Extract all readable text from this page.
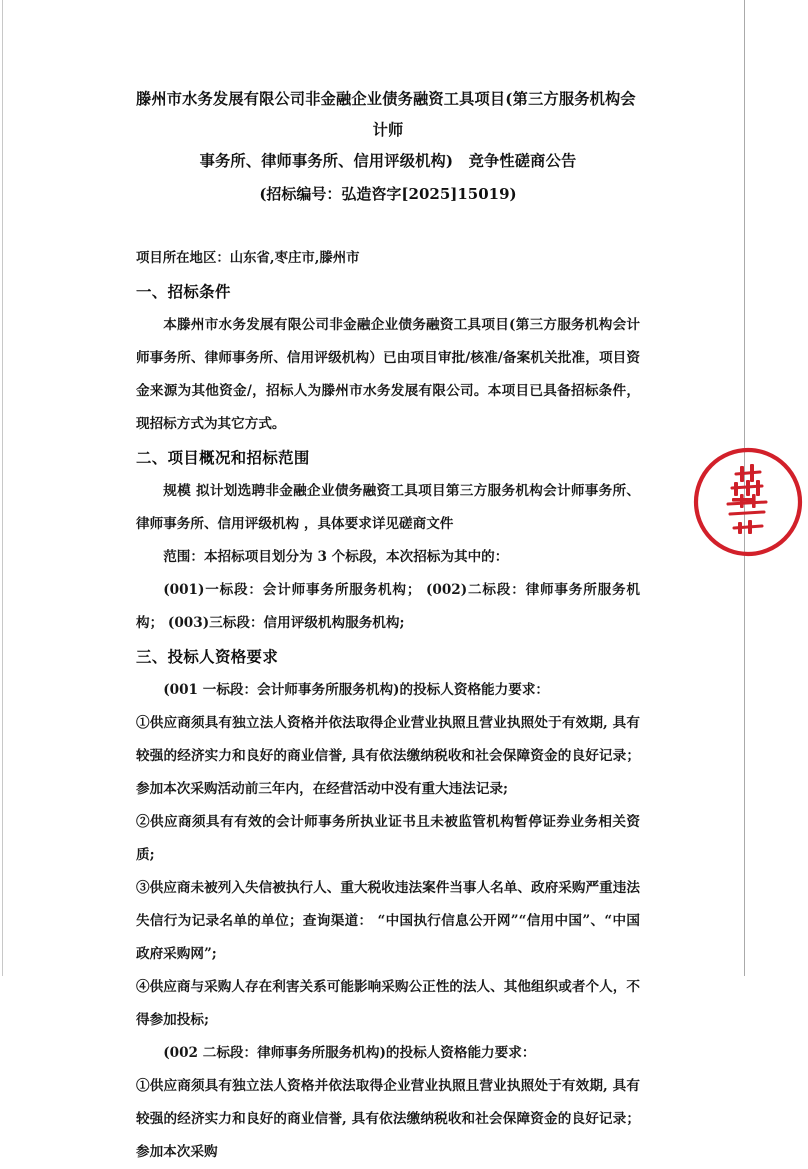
滕州市水务发展有限公司非金融企业债务融资工具项目(第三方服务机构会计师
事务所、律师事务所、信用评级机构)　竞争性磋商公告
(招标编号：弘造咨字[2025]15019)

项目所在地区：山东省,枣庄市,滕州市

一、招标条件

本滕州市水务发展有限公司非金融企业债务融资工具项目(第三方服务机构会计师事务所、律师事务所、信用评级机构）已由项目审批/核准/备案机关批准，项目资金来源为其他资金/，招标人为滕州市水务发展有限公司。本项目已具备招标条件，现招标方式为其它方式。

二、项目概况和招标范围

规模 拟计划选聘非金融企业债务融资工具项目第三方服务机构会计师事务所、律师事务所、信用评级机构 ，具体要求详见磋商文件

范围：本招标项目划分为 3 个标段，本次招标为其中的：

(001)一标段：会计师事务所服务机构； (002)二标段：律师事务所服务机构； (003)三标段：信用评级机构服务机构;

三、投标人资格要求

(001 一标段：会计师事务所服务机构)的投标人资格能力要求：

①供应商须具有独立法人资格并依法取得企业营业执照且营业执照处于有效期, 具有较强的经济实力和良好的商业信誉, 具有依法缴纳税收和社会保障资金的良好记录；参加本次采购活动前三年内，在经营活动中没有重大违法记录;

②供应商须具有有效的会计师事务所执业证书且未被监管机构暂停证券业务相关资质;

③供应商未被列入失信被执行人、重大税收违法案件当事人名单、政府采购严重违法失信行为记录名单的单位；查询渠道： “中国执行信息公开网”“信用中国”、“中国政府采购网”;

④供应商与采购人存在利害关系可能影响采购公正性的法人、其他组织或者个人，不得参加投标;

(002 二标段：律师事务所服务机构)的投标人资格能力要求：

①供应商须具有独立法人资格并依法取得企业营业执照且营业执照处于有效期, 具有较强的经济实力和良好的商业信誉, 具有依法缴纳税收和社会保障资金的良好记录；参加本次采购
